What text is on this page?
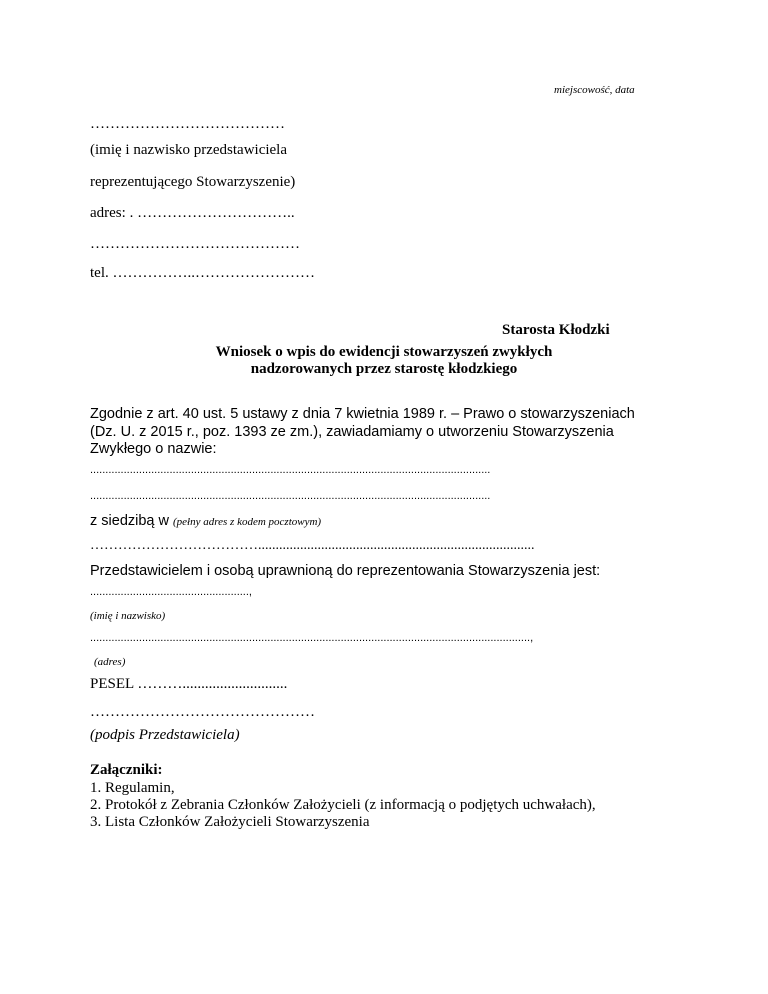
miejscowość, data
…………………………………
(imię i nazwisko przedstawiciela
reprezentującego Stowarzyszenie)
adres: . …………………………..
……………………………………
tel. ……………..……………………
Starosta Kłodzki
Wniosek o wpis do ewidencji stowarzyszeń zwykłych
nadzorowanych przez starostę kłodzkiego
Zgodnie z art. 40 ust. 5 ustawy z dnia 7 kwietnia 1989 r. – Prawo o stowarzyszeniach
(Dz. U. z 2015 r., poz. 1393 ze zm.), zawiadamiamy o utworzeniu Stowarzyszenia
Zwykłego o nazwie:
...................................................................................................................................
...................................................................................................................................
z siedzibą w (pełny adres z kodem pocztowym)
………………………………...............................................................................
Przedstawicielem i osobą uprawnioną do reprezentowania Stowarzyszenia jest:
....................................................,
(imię i nazwisko)
................................................................................................................................................,
(adres)
PESEL ………............................
………………………………………
(podpis Przedstawiciela)
Załączniki:
1. Regulamin,
2. Protokół z Zebrania Członków Założycieli (z informacją o podjętych uchwałach),
3. Lista Członków Założycieli Stowarzyszenia
